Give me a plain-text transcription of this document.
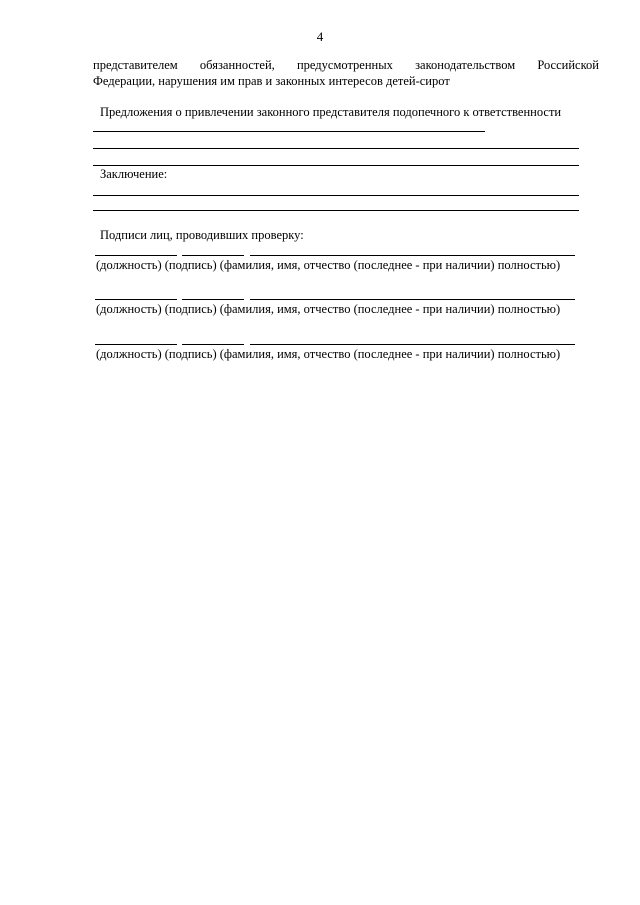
4
представителем обязанностей, предусмотренных законодательством Российской
Федерации, нарушения им прав и законных интересов детей-сирот
Предложения о привлечении законного представителя подопечного к ответственности
Заключение:
Подписи лиц, проводивших проверку:
(должность) (подпись) (фамилия, имя, отчество (последнее - при наличии) полностью)
(должность) (подпись) (фамилия, имя, отчество (последнее - при наличии) полностью)
(должность) (подпись) (фамилия, имя, отчество (последнее - при наличии) полностью)
